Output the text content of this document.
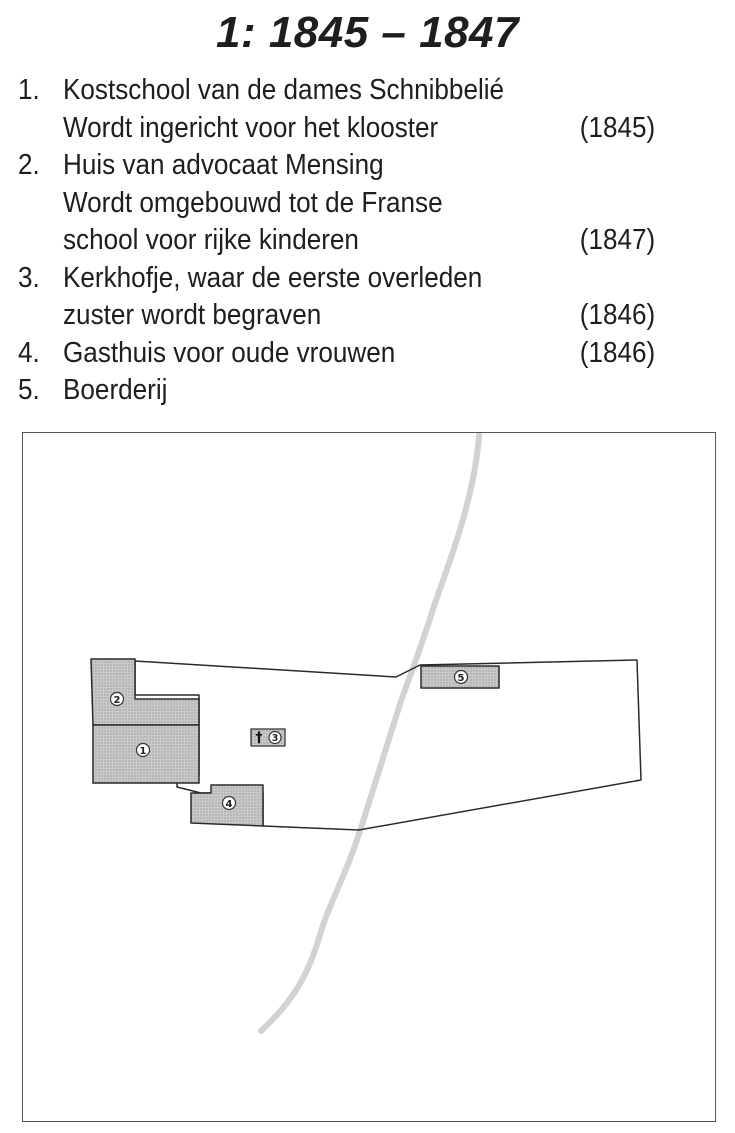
1: 1845 – 1847
1. Kostschool van de dames Schnibbelié
Wordt ingericht voor het klooster	(1845)
2. Huis van advocaat Mensing
Wordt omgebouwd tot de Franse
school voor rijke kinderen	(1847)
3. Kerkhofje, waar de eerste overleden
zuster wordt begraven	(1846)
4. Gasthuis voor oude vrouwen	(1846)
5. Boerderij
†
2
1
3
4
5
